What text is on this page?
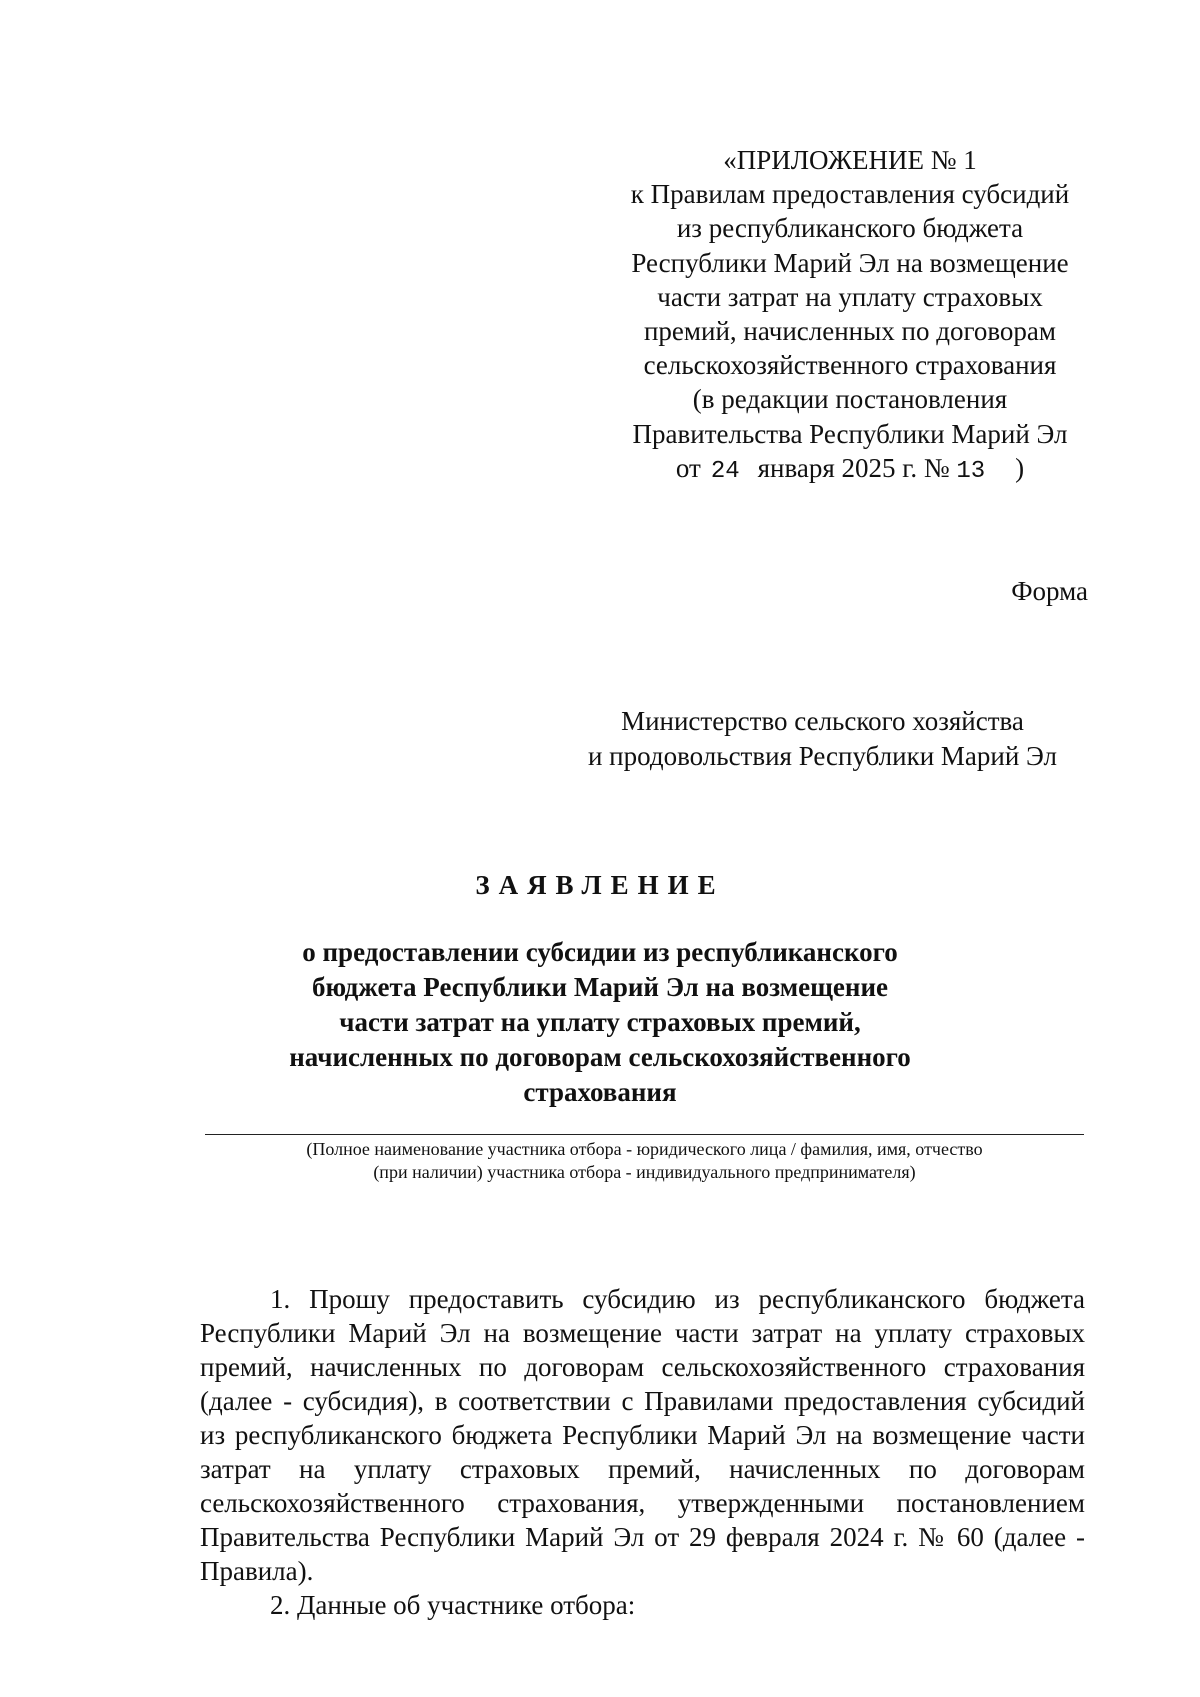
«ПРИЛОЖЕНИЕ № 1
к Правилам предоставления субсидий
из республиканского бюджета
Республики Марий Эл на возмещение
части затрат на уплату страховых
премий, начисленных по договорам
сельскохозяйственного страхования
(в редакции постановления
Правительства Республики Марий Эл
от 24 января 2025 г. № 13 )
Форма
Министерство сельского хозяйства
и продовольствия Республики Марий Эл
ЗАЯВЛЕНИЕ
о предоставлении субсидии из республиканского
бюджета Республики Марий Эл на возмещение
части затрат на уплату страховых премий,
начисленных по договорам сельскохозяйственного
страхования
(Полное наименование участника отбора - юридического лица / фамилия, имя, отчество
(при наличии) участника отбора - индивидуального предпринимателя)
1. Прошу предоставить субсидию из республиканского бюджета Республики Марий Эл на возмещение части затрат на уплату страховых премий, начисленных по договорам сельскохозяйственного страхования (далее - субсидия), в соответствии с Правилами предоставления субсидий из республиканского бюджета Республики Марий Эл на возмещение части затрат на уплату страховых премий, начисленных по договорам сельскохозяйственного страхования, утвержденными постановлением Правительства Республики Марий Эл от 29 февраля 2024 г. № 60 (далее - Правила).
2. Данные об участнике отбора:
